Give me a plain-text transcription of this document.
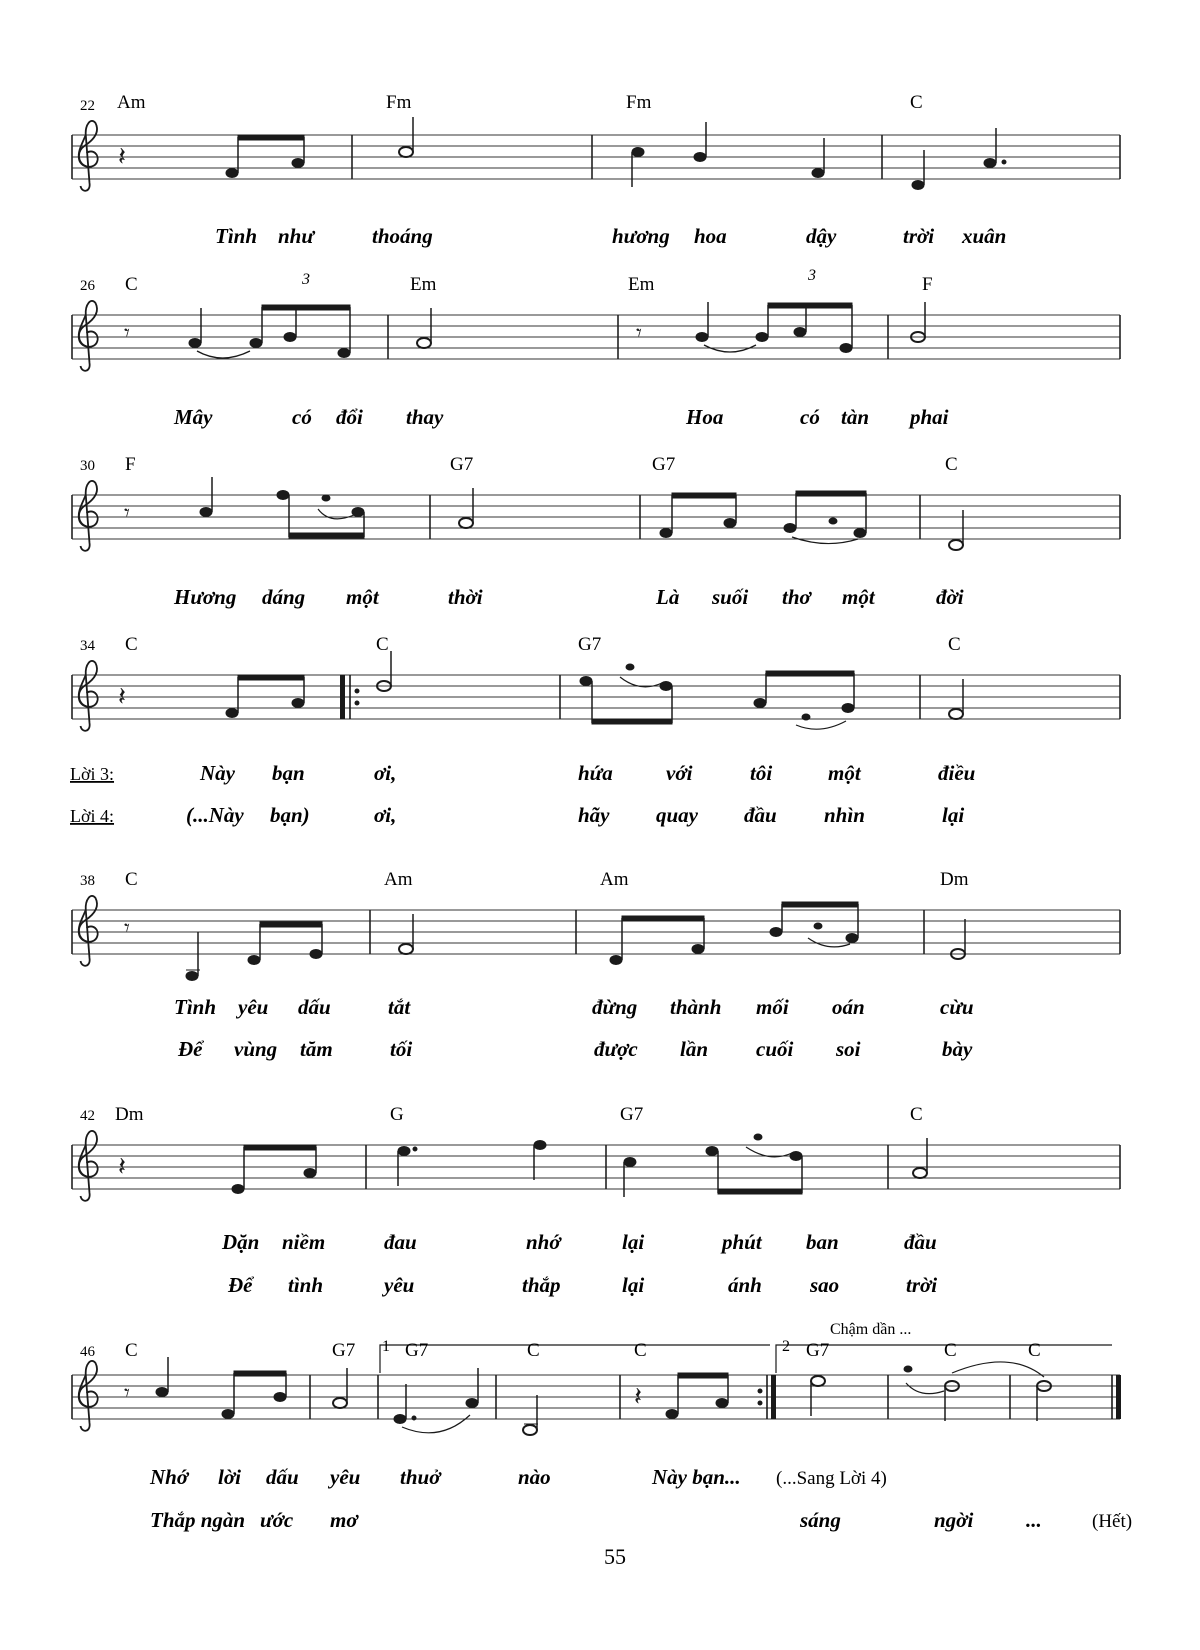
𝄽
22 Am	Fm	Fm	C
Tình như	thoáng	hương hoa	dậy	trời xuân
𝄾	𝄾
26	3	3
C	Em	Em	F
Mây	có đổi thay	Hoa	có tàn phai
𝄾
30 F	G7	G7	C
Hương dáng một	thời	Là suối thơ một	đời
𝄽
34 C	C	G7	C
Lời 3:
Lời 4:
Này bạn	ơi,	hứa	với	tôi	một	điều
(...Này bạn)	ơi,	hãy quay đầu nhìn	lại
𝄾
38 C	Am	Am	Dm
Tình yêu dấu	tắt	đừng thành mối oán	cừu
Để vùng tăm	tối	được lần cuối soi	bày
𝄽
42 Dm	G	G7	C
Dặn niềm	đau	nhớ	lại	phút ban	đầu
Để tình	yêu	thắp	lại	ánh sao	trời
𝄾	𝄽
46	1	2
Chậm dần ...
C	G7	G7	C	C	G7	C	C
Nhớ lời dấu yêu thuở	nào	Này bạn... (...Sang Lời 4)
Thắp ngàn ước mơ	sáng	ngời	...	(Hết)
55
